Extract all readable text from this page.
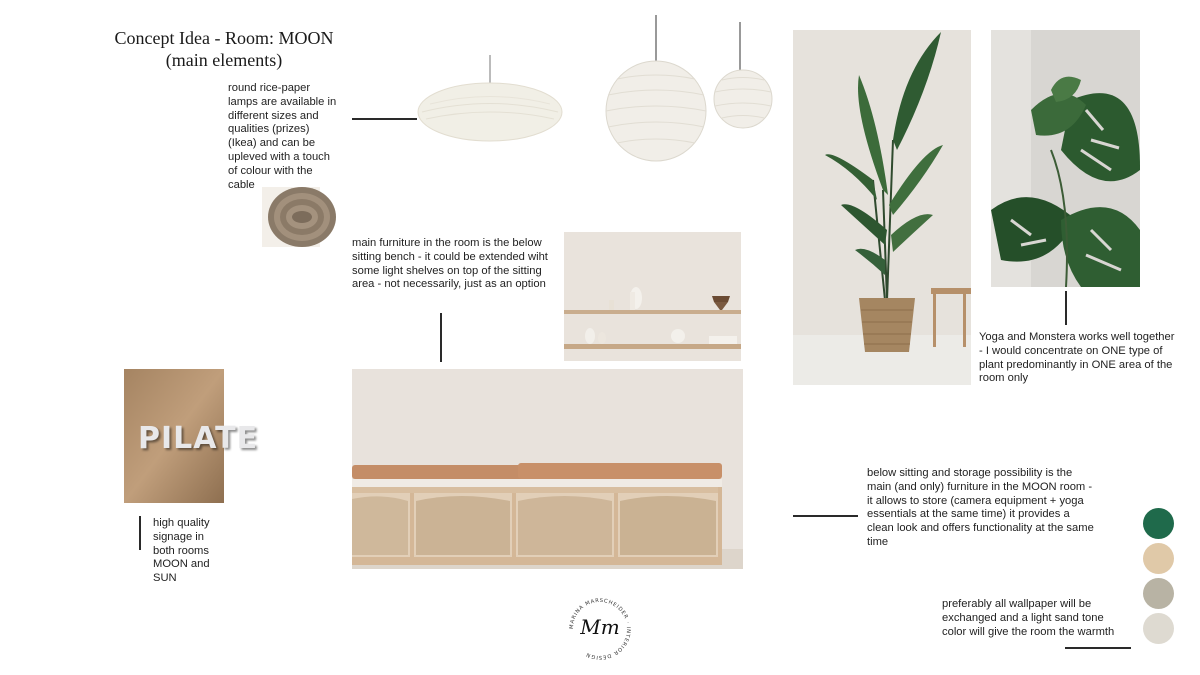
Concept Idea - Room: MOON
(main elements)
round rice-paper lamps are available in different sizes and qualities (prizes) (Ikea) and can be upleved with a touch of colour with the cable
Yoga and Monstera works well together - I would concentrate on ONE type of plant predominantly in ONE area of the room only
main furniture in the room is the below sitting bench - it could be extended wiht some light shelves on top of the sitting area - not necessarily, just as an option
PILATE
high quality signage in both rooms MOON and SUN
below sitting and storage possibility is the main (and only) furniture in the MOON room - it allows to store (camera equipment + yoga essentials at the same time) it provides a clean look and offers functionality at the same time
MARINA MARSCHEIDER · INTERIOR DESIGN
Mm
preferably all wallpaper will be exchanged and a light sand tone color will give the room the warmth
